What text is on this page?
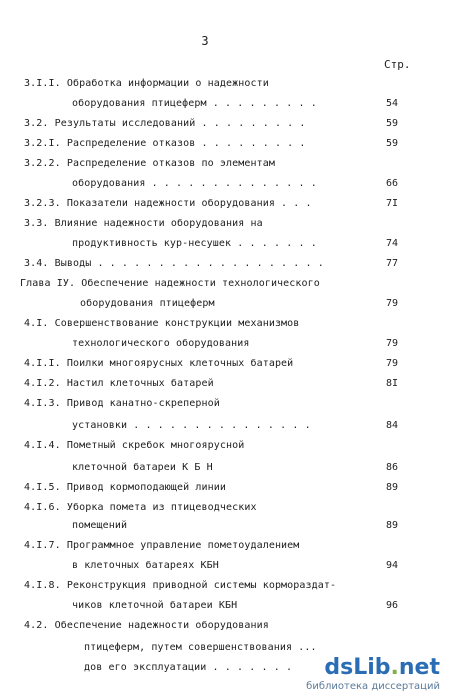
3
Стр.
3.I.I. Обработка информации о надежности
оборудования птицеферм . . . . . . . . .	54
3.2. Результаты исследований . . . . . . . . .	59
3.2.I. Распределение отказов . . . . . . . . .	59
3.2.2. Распределение отказов по элементам
оборудования . . . . . . . . . . . . . .	66
3.2.3. Показатели надежности оборудования . . .	7I
3.3. Влияние надежности оборудования на
продуктивность кур-несушек . . . . . . .	74
3.4. Выводы . . . . . . . . . . . . . . . . . . .	77
Глава IУ. Обеспечение надежности технологического
оборудования птицеферм	79
4.I. Совершенствование конструкции механизмов
технологического оборудования	79
4.I.I. Поилки многоярусных клеточных батарей	79
4.I.2. Настил клеточных батарей	8I
4.I.3. Привод канатно-скреперной
установки . . . . . . . . . . . . . . .	84
4.I.4. Пометный скребок многоярусной
клеточной батареи К Б Н	86
4.I.5. Привод кормоподающей линии	89
4.I.6. Уборка помета из птицеводческих
помещений	89
4.I.7. Программное управление пометоудалением
в клеточных батареях КБН	94
4.I.8. Реконструкция приводной системы кормораздат-
чиков клеточной батареи КБН	96
4.2. Обеспечение надежности оборудования
птицеферм, путем совершенствования ...
дов его эксплуатации . . . . . . .	dsLib.net
библиотека диссертаций
